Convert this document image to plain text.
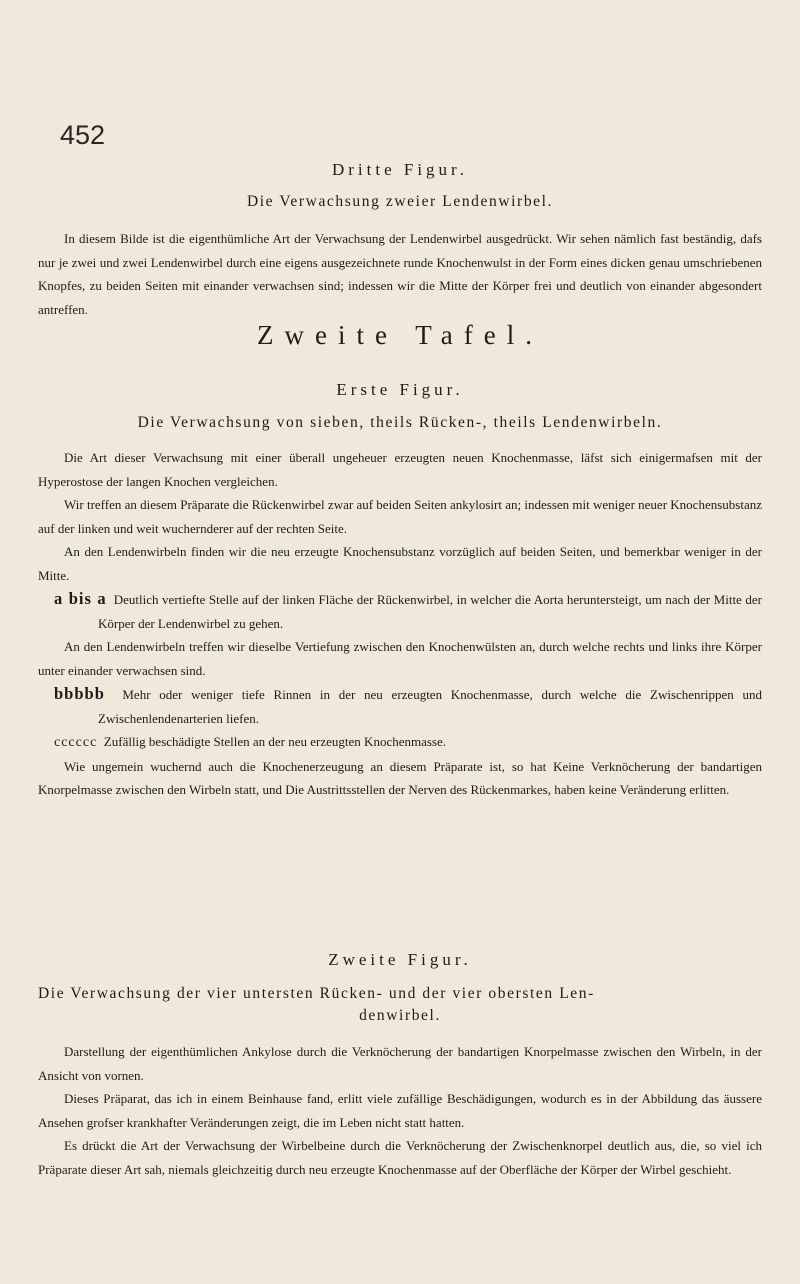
452
Dritte Figur.
Die Verwachsung zweier Lendenwirbel.

In diesem Bilde ist die eigenthümliche Art der Verwachsung der Lendenwirbel ausgedrückt. Wir sehen nämlich fast beständig, dafs nur je zwei und zwei Lendenwirbel durch eine eigens ausgezeichnete runde Knochenwulst in der Form eines dicken genau umschriebenen Knopfes, zu beiden Seiten mit einander verwachsen sind; indessen wir die Mitte der Körper frei und deutlich von einander abgesondert antreffen.

Zweite Tafel.
Erste Figur.
Die Verwachsung von sieben, theils Rücken-, theils Lendenwirbeln.

Die Art dieser Verwachsung mit einer überall ungeheuer erzeugten neuen Knochenmasse, läfst sich einigermafsen mit der Hyperostose der langen Knochen vergleichen.

Wir treffen an diesem Präparate die Rückenwirbel zwar auf beiden Seiten ankylosirt an; indessen mit weniger neuer Knochensubstanz auf der linken und weit wuchernderer auf der rechten Seite.

An den Lendenwirbeln finden wir die neu erzeugte Knochensubstanz vorzüglich auf beiden Seiten, und bemerkbar weniger in der Mitte.

a bis a Deutlich vertiefte Stelle auf der linken Fläche der Rückenwirbel, in welcher die Aorta heruntersteigt, um nach der Mitte der Körper der Lendenwirbel zu gehen.

An den Lendenwirbeln treffen wir dieselbe Vertiefung zwischen den Knochenwülsten an, durch welche rechts und links ihre Körper unter einander verwachsen sind.

bbbbb Mehr oder weniger tiefe Rinnen in der neu erzeugten Knochenmasse, durch welche die Zwischenrippen und Zwischenlendenarterien liefen.

cccccc Zufällig beschädigte Stellen an der neu erzeugten Knochenmasse.

Wie ungemein wuchernd auch die Knochenerzeugung an diesem Präparate ist, so hat Keine Verknöcherung der bandartigen Knorpelmasse zwischen den Wirbeln statt, und Die Austrittsstellen der Nerven des Rückenmarkes, haben keine Veränderung erlitten.

Zweite Figur.
Die Verwachsung der vier untersten Rücken- und der vier obersten Len-
denwirbel.

Darstellung der eigenthümlichen Ankylose durch die Verknöcherung der bandartigen Knorpelmasse zwischen den Wirbeln, in der Ansicht von vornen.

Dieses Präparat, das ich in einem Beinhause fand, erlitt viele zufällige Beschädigungen, wodurch es in der Abbildung das äussere Ansehen grofser krankhafter Veränderungen zeigt, die im Leben nicht statt hatten.

Es drückt die Art der Verwachsung der Wirbelbeine durch die Verknöcherung der Zwischenknorpel deutlich aus, die, so viel ich Präparate dieser Art sah, niemals gleichzeitig durch neu erzeugte Knochenmasse auf der Oberfläche der Körper der Wirbel geschieht.
